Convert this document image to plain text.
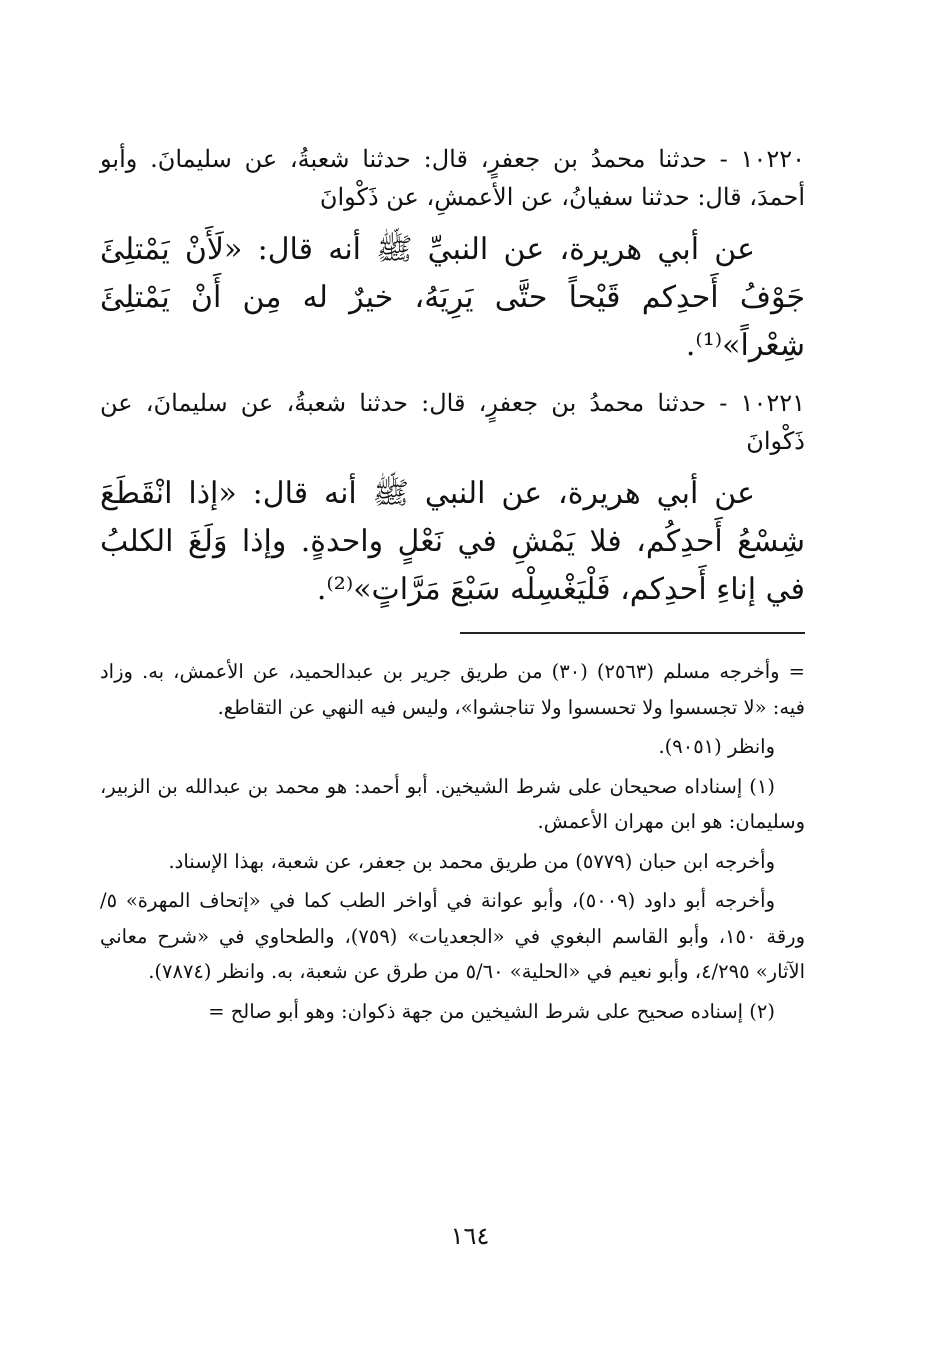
١٠٢٢٠ - حدثنا محمدُ بن جعفرٍ، قال: حدثنا شعبةُ، عن سليمانَ. وأبو أحمدَ، قال: حدثنا سفيانُ، عن الأعمشِ، عن ذَكْوانَ

عن أبي هريرة، عن النبيِّ ﷺ أنه قال: «لَأَنْ يَمْتلِئَ جَوْفُ أَحدِكم قَيْحاً حتَّى يَرِيَهُ، خيرٌ له مِن أَنْ يَمْتلِئَ شِعْراً»⁽¹⁾.

١٠٢٢١ - حدثنا محمدُ بن جعفرٍ، قال: حدثنا شعبةُ، عن سليمانَ، عن ذَكْوانَ

عن أبي هريرة، عن النبي ﷺ أنه قال: «إذا انْقَطَعَ شِسْعُ أَحدِكُم، فلا يَمْشِ في نَعْلٍ واحدةٍ. وإذا وَلَغَ الكلبُ في إناءِ أَحدِكم، فَلْيَغْسِلْه سَبْعَ مَرَّاتٍ»⁽²⁾.

= وأخرجه مسلم (٢٥٦٣) (٣٠) من طريق جرير بن عبدالحميد، عن الأعمش، به. وزاد فيه: «لا تجسسوا ولا تحسسوا ولا تناجشوا»، وليس فيه النهي عن التقاطع.

وانظر (٩٠٥١).

(١) إسناداه صحيحان على شرط الشيخين. أبو أحمد: هو محمد بن عبدالله بن الزبير، وسليمان: هو ابن مهران الأعمش.

وأخرجه ابن حبان (٥٧٧٩) من طريق محمد بن جعفر، عن شعبة، بهذا الإسناد.

وأخرجه أبو داود (٥٠٠٩)، وأبو عوانة في أواخر الطب كما في «إتحاف المهرة» ٥/ورقة ١٥٠، وأبو القاسم البغوي في «الجعديات» (٧٥٩)، والطحاوي في «شرح معاني الآثار» ٤/٢٩٥، وأبو نعيم في «الحلية» ٥/٦٠ من طرق عن شعبة، به. وانظر (٧٨٧٤).

(٢) إسناده صحيح على شرط الشيخين من جهة ذكوان: وهو أبو صالح =

١٦٤
